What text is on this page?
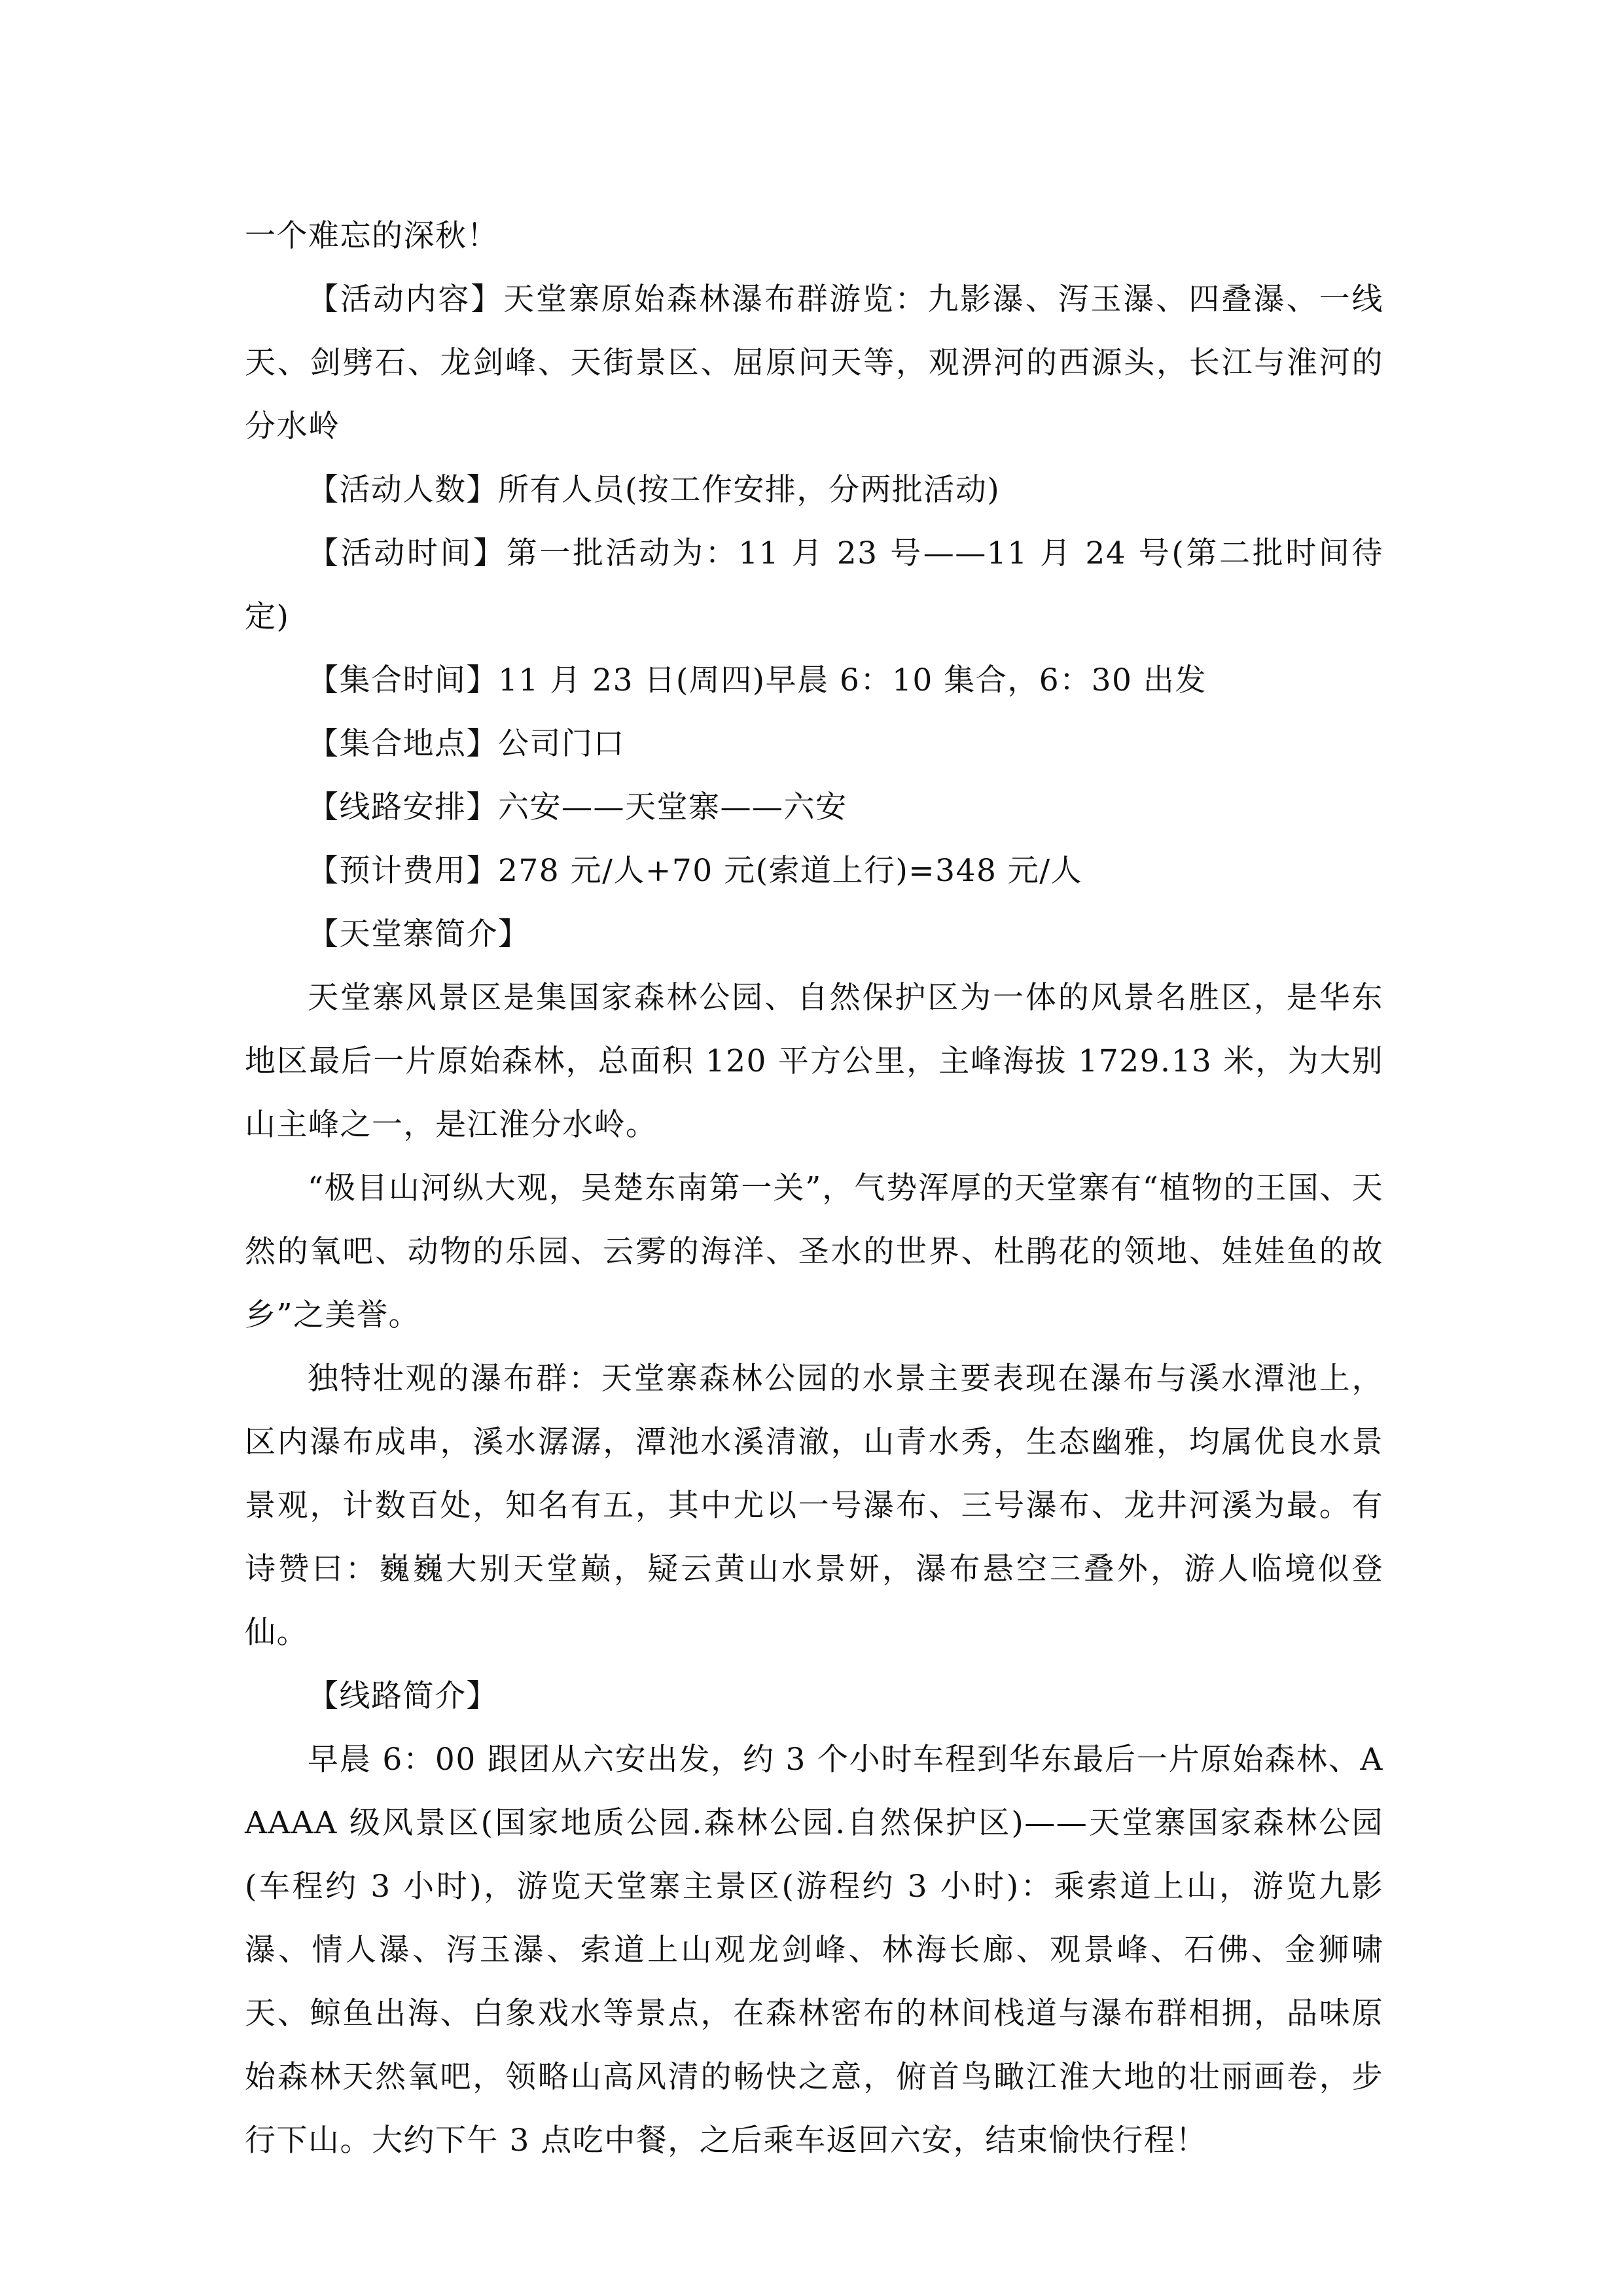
一个难忘的深秋！

【活动内容】天堂寨原始森林瀑布群游览：九影瀑、泻玉瀑、四叠瀑、一线天、剑劈石、龙剑峰、天街景区、屈原问天等，观淠河的西源头，长江与淮河的分水岭

【活动人数】所有人员(按工作安排，分两批活动)

【活动时间】第一批活动为：11 月 23 号——11 月 24 号(第二批时间待定)

【集合时间】11 月 23 日(周四)早晨 6：10 集合，6：30 出发

【集合地点】公司门口

【线路安排】六安——天堂寨——六安

【预计费用】278 元/人+70 元(索道上行)=348 元/人

【天堂寨简介】

天堂寨风景区是集国家森林公园、自然保护区为一体的风景名胜区，是华东地区最后一片原始森林，总面积 120 平方公里，主峰海拔 1729.13 米，为大别山主峰之一，是江淮分水岭。

“极目山河纵大观，吴楚东南第一关”，气势浑厚的天堂寨有“植物的王国、天然的氧吧、动物的乐园、云雾的海洋、圣水的世界、杜鹃花的领地、娃娃鱼的故乡”之美誉。

独特壮观的瀑布群：天堂寨森林公园的水景主要表现在瀑布与溪水潭池上，区内瀑布成串，溪水潺潺，潭池水溪清澈，山青水秀，生态幽雅，均属优良水景景观，计数百处，知名有五，其中尤以一号瀑布、三号瀑布、龙井河溪为最。有诗赞曰：巍巍大别天堂巅，疑云黄山水景妍，瀑布悬空三叠外，游人临境似登仙。

【线路简介】

早晨 6：00 跟团从六安出发，约 3 个小时车程到华东最后一片原始森林、AAAAA 级风景区(国家地质公园.森林公园.自然保护区)——天堂寨国家森林公园(车程约 3 小时)，游览天堂寨主景区(游程约 3 小时)：乘索道上山，游览九影瀑、情人瀑、泻玉瀑、索道上山观龙剑峰、林海长廊、观景峰、石佛、金狮啸天、鲸鱼出海、白象戏水等景点，在森林密布的林间栈道与瀑布群相拥，品味原始森林天然氧吧，领略山高风清的畅快之意，俯首鸟瞰江淮大地的壮丽画卷，步行下山。大约下午 3 点吃中餐，之后乘车返回六安，结束愉快行程！
